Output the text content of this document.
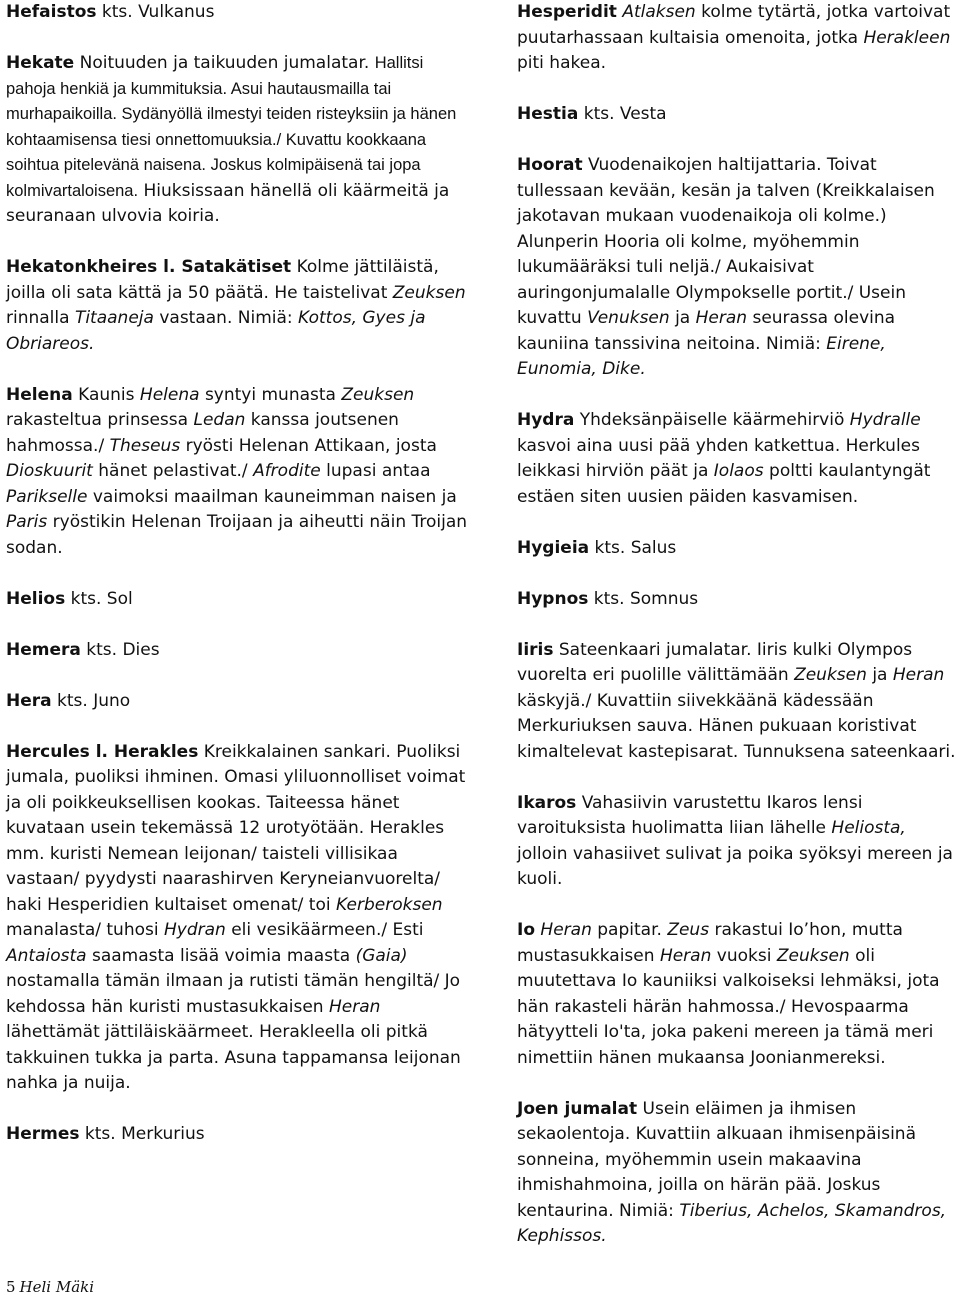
Hefaistos kts. Vulkanus

Hekate Noituuden ja taikuuden jumalatar. Hallitsi pahoja henkiä ja kummituksia. Asui hautausmailla tai murhapaikoilla. Sydänyöllä ilmestyi teiden risteyksiin ja hänen kohtaamisensa tiesi onnettomuuksia./ Kuvattu kookkaana soihtua pitelevänä naisena. Joskus kolmipäisenä tai jopa kolmivartaloisena. Hiuksissaan hänellä oli käärmeitä ja seuranaan ulvovia koiria.

Hekatonkheires l. Satakätiset Kolme jättiläistä, joilla oli sata kättä ja 50 päätä. He taistelivat Zeuksen rinnalla Titaaneja vastaan. Nimiä: Kottos, Gyes ja Obriareos.

Helena Kaunis Helena syntyi munasta Zeuksen rakasteltua prinsessa Ledan kanssa joutsenen hahmossa./ Theseus ryösti Helenan Attikaan, josta Dioskuurit hänet pelastivat./ Afrodite lupasi antaa Parikselle vaimoksi maailman kauneimman naisen ja Paris ryöstikin Helenan Troijaan ja aiheutti näin Troijan sodan.

Helios kts. Sol

Hemera kts. Dies

Hera kts. Juno

Hercules l. Herakles Kreikkalainen sankari. Puoliksi jumala, puoliksi ihminen. Omasi yliluonnolliset voimat ja oli poikkeuksellisen kookas. Taiteessa hänet kuvataan usein tekemässä 12 urotyötään. Herakles mm. kuristi Nemean leijonan/ taisteli villisikaa vastaan/ pyydysti naarashirven Keryneianvuorelta/ haki Hesperidien kultaiset omenat/ toi Kerberoksen manalasta/ tuhosi Hydran eli vesikäärmeen./ Esti Antaiosta saamasta lisää voimia maasta (Gaia) nostamalla tämän ilmaan ja rutisti tämän hengiltä/ Jo kehdossa hän kuristi mustasukkaisen Heran lähettämät jättiläiskäärmeet. Herakleella oli pitkä takkuinen tukka ja parta. Asuna tappamansa leijonan nahka ja nuija.

Hermes kts. Merkurius

Hesperidit Atlaksen kolme tytärtä, jotka vartoivat puutarhassaan kultaisia omenoita, jotka Herakleen piti hakea.

Hestia kts. Vesta

Hoorat Vuodenaikojen haltijattaria. Toivat tullessaan kevään, kesän ja talven (Kreikkalaisen jakotavan mukaan vuodenaikoja oli kolme.) Alunperin Hooria oli kolme, myöhemmin lukumääräksi tuli neljä./ Aukaisivat auringonjumalalle Olympokselle portit./ Usein kuvattu Venuksen ja Heran seurassa olevina kauniina tanssivina neitoina. Nimiä: Eirene, Eunomia, Dike.

Hydra Yhdeksänpäiselle käärmehirviö Hydralle kasvoi aina uusi pää yhden katkettua. Herkules leikkasi hirviön päät ja Iolaos poltti kaulantyngät estäen siten uusien päiden kasvamisen.

Hygieia kts. Salus

Hypnos kts. Somnus

Iiris Sateenkaari jumalatar. Iiris kulki Olympos vuorelta eri puolille välittämään Zeuksen ja Heran käskyjä./ Kuvattiin siivekkäänä kädessään Merkuriuksen sauva. Hänen pukuaan koristivat kimaltelevat kastepisarat. Tunnuksena sateenkaari.

Ikaros Vahasiivin varustettu Ikaros lensi varoituksista huolimatta liian lähelle Heliosta, jolloin vahasiivet sulivat ja poika syöksyi mereen ja kuoli.

Io Heran papitar. Zeus rakastui Io’hon, mutta mustasukkaisen Heran vuoksi Zeuksen oli muutettava Io kauniiksi valkoiseksi lehmäksi, jota hän rakasteli härän hahmossa./ Hevospaarma hätyytteli Io'ta, joka pakeni mereen ja tämä meri nimettiin hänen mukaansa Joonianmereksi.

Joen jumalat Usein eläimen ja ihmisen sekaolentoja. Kuvattiin alkuaan ihmisenpäisinä sonneina, myöhemmin usein makaavina ihmishahmoina, joilla on härän pää. Joskus kentaurina. Nimiä: Tiberius, Achelos, Skamandros, Kephissos.

5 Heli Mäki
